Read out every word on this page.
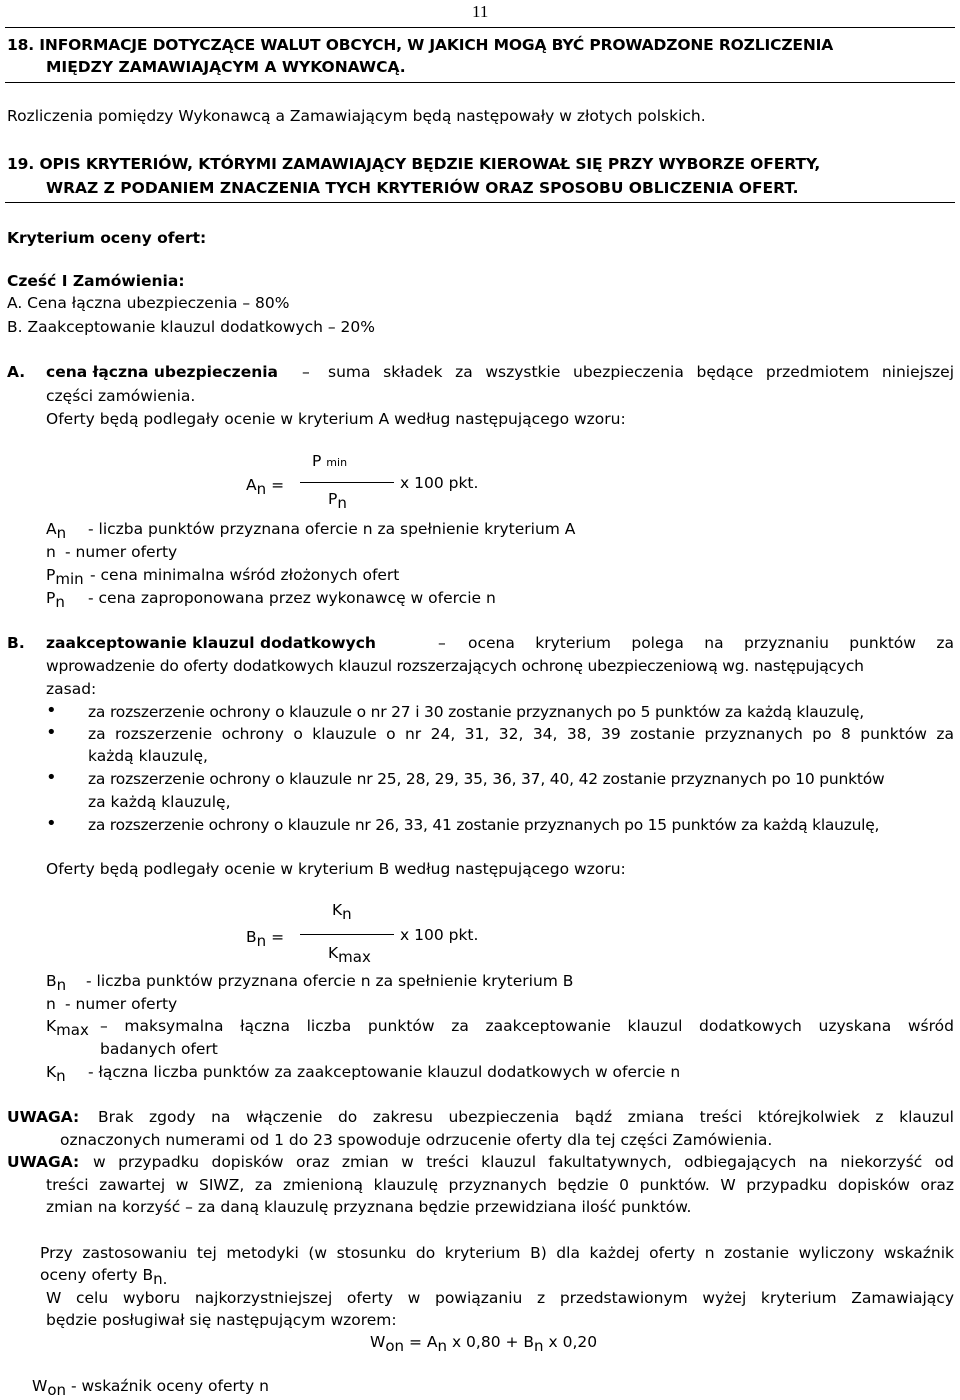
11
18. INFORMACJE DOTYCZĄCE WALUT OBCYCH, W JAKICH MOGĄ BYĆ PROWADZONE ROZLICZENIA
MIĘDZY ZAMAWIAJĄCYM A WYKONAWCĄ.
Rozliczenia pomiędzy Wykonawcą a Zamawiającym będą następowały w złotych polskich.
19. OPIS KRYTERIÓW, KTÓRYMI ZAMAWIAJĄCY BĘDZIE KIEROWAŁ SIĘ PRZY WYBORZE OFERTY,
WRAZ Z PODANIEM ZNACZENIA TYCH KRYTERIÓW ORAZ SPOSOBU OBLICZENIA OFERT.
Kryterium oceny ofert:
Cześć I Zamówienia:
A. Cena łączna ubezpieczenia – 80%
B. Zaakceptowanie klauzul dodatkowych – 20%
A. cena łączna ubezpieczenia – suma składek za wszystkie ubezpieczenia będące przedmiotem niniejszej
części zamówienia.
Oferty będą podlegały ocenie w kryterium A według następującego wzoru:
$A_n$ =
P min
$P_n$
x 100 pkt.
$A_n$ - liczba punktów przyznana ofercie n za spełnienie kryterium A
n - numer oferty
$P_{min}$ - cena minimalna wśród złożonych ofert
$P_n$ - cena zaproponowana przez wykonawcę w ofercie n
B. zaakceptowanie klauzul dodatkowych	– ocena kryterium polega na przyznaniu punktów za
wprowadzenie do oferty dodatkowych klauzul rozszerzających ochronę ubezpieczeniową wg. następujących
zasad:
• za rozszerzenie ochrony o klauzule o nr 27 i 30 zostanie przyznanych po 5 punktów za każdą klauzulę,
• za rozszerzenie ochrony o klauzule o nr 24, 31, 32, 34, 38, 39 zostanie przyznanych po 8 punktów za
każdą klauzulę,
• za rozszerzenie ochrony o klauzule nr 25, 28, 29, 35, 36, 37, 40, 42 zostanie przyznanych po 10 punktów
za każdą klauzulę,
• za rozszerzenie ochrony o klauzule nr 26, 33, 41 zostanie przyznanych po 15 punktów za każdą klauzulę,
Oferty będą podlegały ocenie w kryterium B według następującego wzoru:
$K_n$
$B_n$ =
$K_{max}$
x 100 pkt.
$B_n$ - liczba punktów przyznana ofercie n za spełnienie kryterium B
n - numer oferty
$K_{max}$ – maksymalna łączna liczba punktów za zaakceptowanie klauzul dodatkowych uzyskana wśród
badanych ofert
$K_n$ - łączna liczba punktów za zaakceptowanie klauzul dodatkowych w ofercie n
UWAGA: Brak zgody na włączenie do zakresu ubezpieczenia bądź zmiana treści którejkolwiek z klauzul
oznaczonych numerami od 1 do 23 spowoduje odrzucenie oferty dla tej części Zamówienia.
UWAGA: w przypadku dopisków oraz zmian w treści klauzul fakultatywnych, odbiegających na niekorzyść od
treści zawartej w SIWZ, za zmienioną klauzulę przyznanych będzie 0 punktów. W przypadku dopisków oraz
zmian na korzyść – za daną klauzulę przyznana będzie przewidziana ilość punktów.
Przy zastosowaniu tej metodyki (w stosunku do kryterium B) dla każdej oferty n zostanie wyliczony wskaźnik
oceny oferty $B_{n.}$
W celu wyboru najkorzystniejszej oferty w powiązaniu z przedstawionym wyżej kryterium Zamawiający
będzie posługiwał się następującym wzorem:
$W_{on} = A_n$ x $0,80 + B_n$ x 0,20
$W_{on}$ - wskaźnik oceny oferty n
